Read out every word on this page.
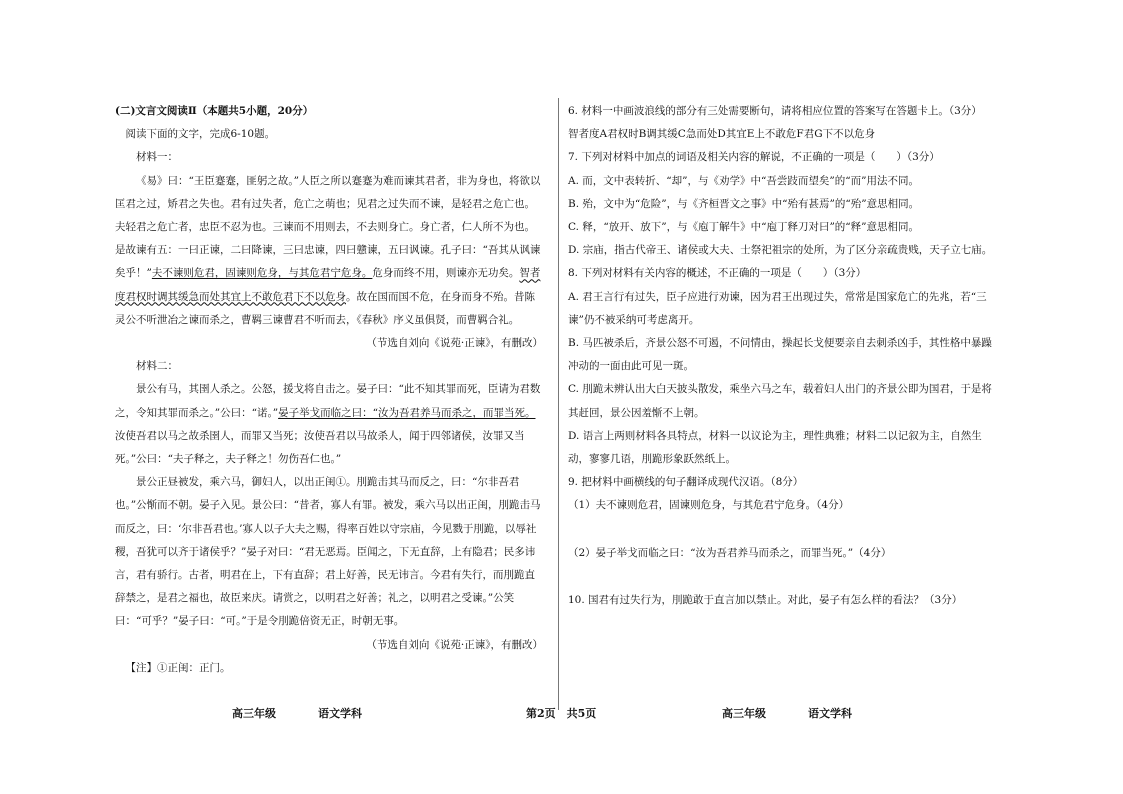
(二)文言文阅读Ⅱ（本题共5小题，20分）

阅读下面的文字，完成6-10题。

材料一：

《易》曰：“王臣蹇蹇，匪躬之故。”人臣之所以蹇蹇为难而谏其君者，非为身也，将欲以匡君之过，矫君之失也。君有过失者，危亡之萌也；见君之过失而不谏，是轻君之危亡也。夫轻君之危亡者，忠臣不忍为也。三谏而不用则去，不去则身亡。身亡者，仁人所不为也。是故谏有五：一曰正谏，二曰降谏，三曰忠谏，四曰戆谏，五曰讽谏。孔子曰：“吾其从讽谏矣乎！”夫不谏则危君，固谏则危身，与其危君宁危身。危身而终不用，则谏亦无功矣。智者度君权时调其缓急而处其宜上不敢危君下不以危身。故在国而国不危，在身而身不殆。昔陈灵公不听泄冶之谏而杀之，曹羁三谏曹君不听而去，《春秋》序义虽俱贤，而曹羁合礼。

（节选自刘向《说苑·正谏》，有删改）

材料二：

景公有马，其圉人杀之。公怒，援戈将自击之。晏子曰：“此不知其罪而死，臣请为君数之，令知其罪而杀之。”公曰：“诺。”晏子举戈而临之曰：“汝为吾君养马而杀之，而罪当死。汝使吾君以马之故杀圉人，而罪又当死；汝使吾君以马故杀人，闻于四邻诸侯，汝罪又当死。”公曰：“夫子释之，夫子释之！勿伤吾仁也。”

景公正昼被发，乘六马，御妇人，以出正闺①。刖跪击其马而反之，曰：“尔非吾君也。”公惭而不朝。晏子入见。景公曰：“昔者，寡人有罪。被发，乘六马以出正闺，刖跪击马而反之，曰：‘尔非吾君也。’寡人以子大夫之赐，得率百姓以守宗庙，今见戮于刖跪，以辱社稷，吾犹可以齐于诸侯乎？”晏子对曰：“君无恶焉。臣闻之，下无直辞，上有隐君；民多讳言，君有骄行。古者，明君在上，下有直辞；君上好善，民无讳言。今君有失行，而刖跪直辞禁之，是君之福也，故臣来庆。请赏之，以明君之好善；礼之，以明君之受谏。”公笑曰：“可乎？”晏子曰：“可。”于是令刖跪倍资无正，时朝无事。

（节选自刘向《说苑·正谏》，有删改）

【注】①正闺：正门。

6. 材料一中画波浪线的部分有三处需要断句，请将相应位置的答案写在答题卡上。（3分）

智者度A君权时B调其缓C急而处D其宜E上不敢危F君G下不以危身

7. 下列对材料中加点的词语及相关内容的解说，不正确的一项是（　　）（3分）

A. 而，文中表转折、“却”，与《劝学》中“吾尝跂而望矣”的“而”用法不同。

B. 殆，文中为“危险”，与《齐桓晋文之事》中“殆有甚焉”的“殆”意思相同。

C. 释，“放开、放下”，与《庖丁解牛》中“庖丁释刀对曰”的“释”意思相同。

D. 宗庙，指古代帝王、诸侯或大夫、士祭祀祖宗的处所，为了区分亲疏贵贱，天子立七庙。

8. 下列对材料有关内容的概述，不正确的一项是（　　）（3分）

A. 君王言行有过失，臣子应进行劝谏，因为君王出现过失，常常是国家危亡的先兆，若“三谏”仍不被采纳可考虑离开。

B. 马匹被杀后，齐景公怒不可遏，不问情由，操起长戈便要亲自去刺杀凶手，其性格中暴躁冲动的一面由此可见一斑。

C. 刖跪未辨认出大白天披头散发，乘坐六马之车，载着妇人出门的齐景公即为国君，于是将其赶回，景公因羞惭不上朝。

D. 语言上两则材料各具特点，材料一以议论为主，理性典雅；材料二以记叙为主，自然生动，寥寥几语，刖跪形象跃然纸上。

9. 把材料中画横线的句子翻译成现代汉语。（8分）

（1）夫不谏则危君，固谏则危身，与其危君宁危身。（4分）

（2）晏子举戈而临之曰：“汝为吾君养马而杀之，而罪当死。”（4分）

10. 国君有过失行为，刖跪敢于直言加以禁止。对此，晏子有怎么样的看法？（3分）

高三年级	语文学科	第2页　共5页	高三年级	语文学科
